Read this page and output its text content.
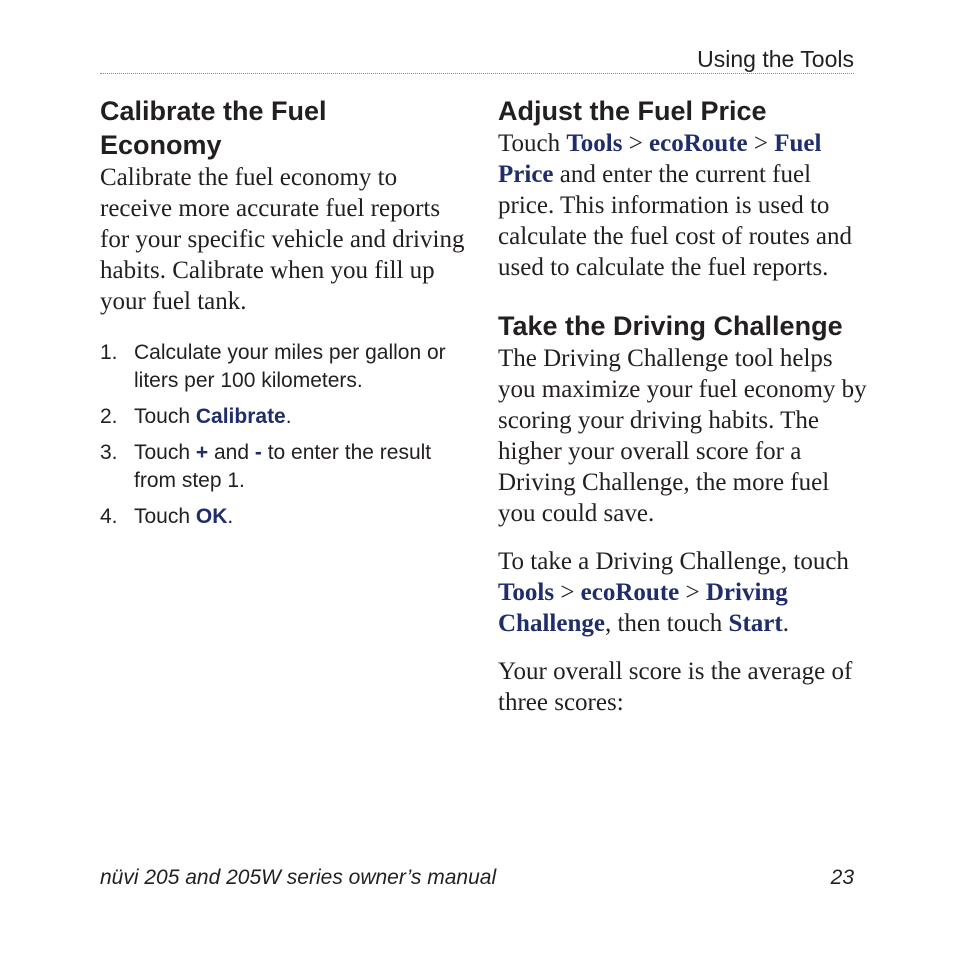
Using the Tools
Calibrate the Fuel Economy

Calibrate the fuel economy to receive more accurate fuel reports for your specific vehicle and driving habits. Calibrate when you fill up your fuel tank.

1. Calculate your miles per gallon or liters per 100 kilometers.
2. Touch Calibrate.
3. Touch + and - to enter the result from step 1.
4. Touch OK.
Adjust the Fuel Price

Touch Tools > ecoRoute > Fuel Price and enter the current fuel price. This information is used to calculate the fuel cost of routes and used to calculate the fuel reports.

Take the Driving Challenge

The Driving Challenge tool helps you maximize your fuel economy by scoring your driving habits. The higher your overall score for a Driving Challenge, the more fuel you could save.

To take a Driving Challenge, touch Tools > ecoRoute > Driving Challenge, then touch Start.

Your overall score is the average of three scores:

nüvi 205 and 205W series owner’s manual	23
